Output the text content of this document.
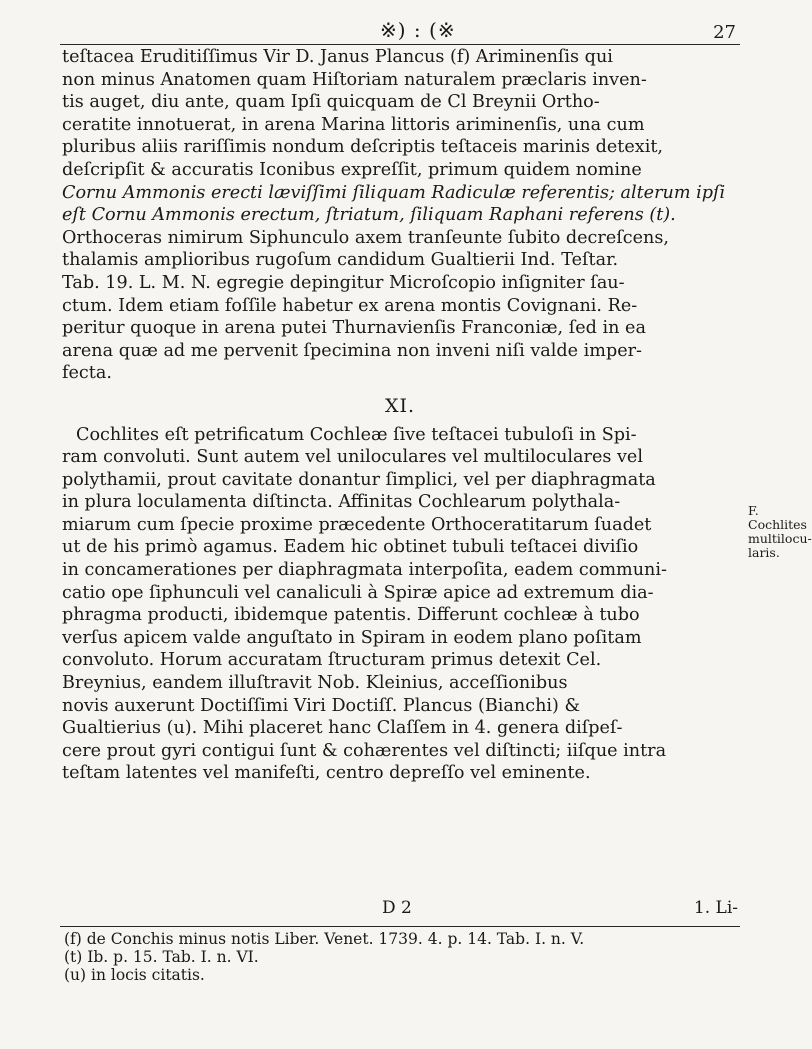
※) : (※	27

teſtacea Eruditiſſimus Vir D. Janus Plancus (f) Ariminenſis qui
non minus Anatomen quam Hiſtoriam naturalem præclaris inven-
tis auget, diu ante, quam Ipſi quicquam de Cl Breynii Ortho-
ceratite innotuerat, in arena Marina littoris ariminenſis, una cum
pluribus aliis rariſſimis nondum deſcriptis teſtaceis marinis detexit,
deſcripſit & accuratis Iconibus expreſſit, primum quidem nomine
Cornu Ammonis erecti læviſſimi ſiliquam Radiculæ referentis; alterum ipſi
eſt Cornu Ammonis erectum, ſtriatum, ſiliquam Raphani referens (t).
Orthoceras nimirum Siphunculo axem tranſeunte ſubito decreſcens,
thalamis amplioribus rugoſum candidum Gualtierii Ind. Teſtar.
Tab. 19. L. M. N. egregie depingitur Microſcopio inſigniter ſau-
ctum. Idem etiam foſſile habetur ex arena montis Covignani. Re-
peritur quoque in arena putei Thurnavienſis Franconiæ, ſed in ea
arena quæ ad me pervenit ſpecimina non inveni niſi valde imper-
fecta.

XI.

Cochlites eſt petrificatum Cochleæ ſive teſtacei tubuloſi in Spi-
ram convoluti. Sunt autem vel uniloculares vel multiloculares vel
polythamii, prout cavitate donantur ſimplici, vel per diaphragmata
in plura loculamenta diſtincta. Affinitas Cochlearum polythala-
miarum cum ſpecie proxime præcedente Orthoceratitarum ſuadet
ut de his primò agamus. Eadem hic obtinet tubuli teſtacei diviſio
in concamerationes per diaphragmata interpoſita, eadem communi-
catio ope ſiphunculi vel canaliculi à Spiræ apice ad extremum dia-
phragma producti, ibidemque patentis. Differunt cochleæ à tubo
verſus apicem valde anguſtato in Spiram in eodem plano poſitam
convoluto. Horum accuratam ſtructuram primus detexit Cel.
Breynius, eandem illuſtravit Nob. Kleinius, acceſſionibus
novis auxerunt Doctiſſimi Viri Doctiſſ. Plancus (Bianchi) &
Gualtierius (u). Mihi placeret hanc Claſſem in 4. genera diſpeſ-
cere prout gyri contigui ſunt & cohærentes vel diſtincti; iiſque intra
teſtam latentes vel manifeſti, centro depreſſo vel eminente.

F. Cochlites
multilocu-
laris.
D 2	1. Li-
(f) de Conchis minus notis Liber. Venet. 1739. 4. p. 14. Tab. I. n. V.
(t) Ib. p. 15. Tab. I. n. VI.
(u) in locis citatis.
